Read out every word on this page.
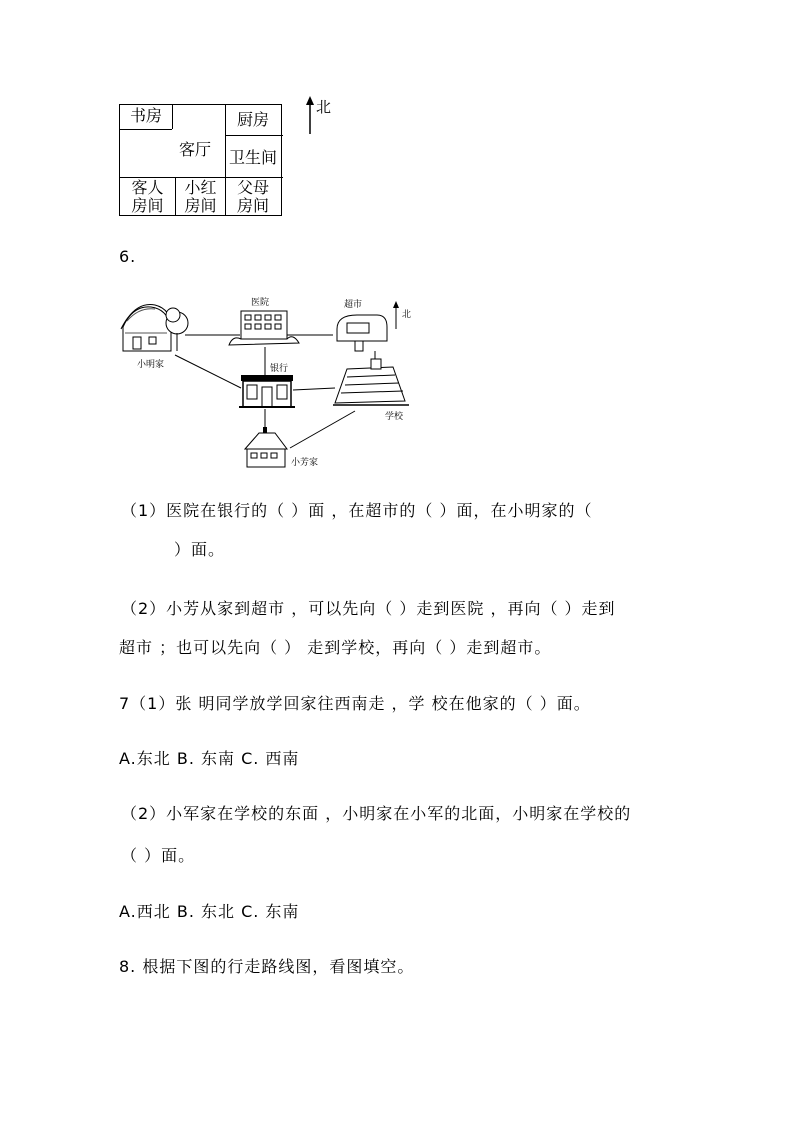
书房	厨房
卫生间
客厅
客人
房间
小红
房间
父母
房间
北
6.
小明家
医院	超市
北
银行
学校
小芳家
（1）医院在银行的（ ）面 ，在超市的（ ）面，在小明家的（
）面。
（2）小芳从家到超市 ，可以先向（ ）走到医院 ，再向（ ）走到
超市 ；也可以先向（ ） 走到学校，再向（ ）走到超市。
7（1）张 明同学放学回家往西南走 ，学 校在他家的（ ）面。
A.东北 B. 东南 C. 西南
（2）小军家在学校的东面 ，小明家在小军的北面，小明家在学校的
（ ）面。
A.西北 B. 东北 C. 东南
8. 根据下图的行走路线图，看图填空。
